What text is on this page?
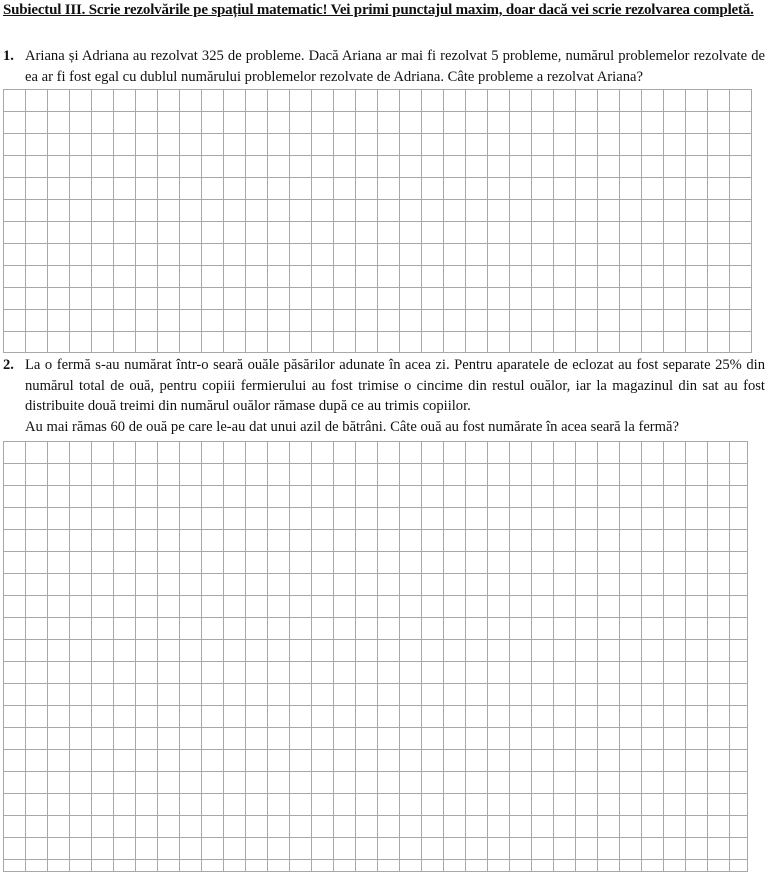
Subiectul III. Scrie rezolvările pe spațiul matematic! Vei primi punctajul maxim, doar dacă vei scrie rezolvarea completă.
1. Ariana și Adriana au rezolvat 325 de probleme. Dacă Ariana ar mai fi rezolvat 5 probleme, numărul problemelor rezolvate de ea ar fi fost egal cu dublul numărului problemelor rezolvate de Adriana. Câte probleme a rezolvat Ariana?

2. La o fermă s-au numărat într-o seară ouăle păsărilor adunate în acea zi. Pentru aparatele de eclozat au fost separate 25% din numărul total de ouă, pentru copiii fermierului au fost trimise o cincime din restul ouălor, iar la magazinul din sat au fost distribuite două treimi din numărul ouălor rămase după ce au trimis copiilor.

Au mai rămas 60 de ouă pe care le-au dat unui azil de bătrâni. Câte ouă au fost numărate în acea seară la fermă?
